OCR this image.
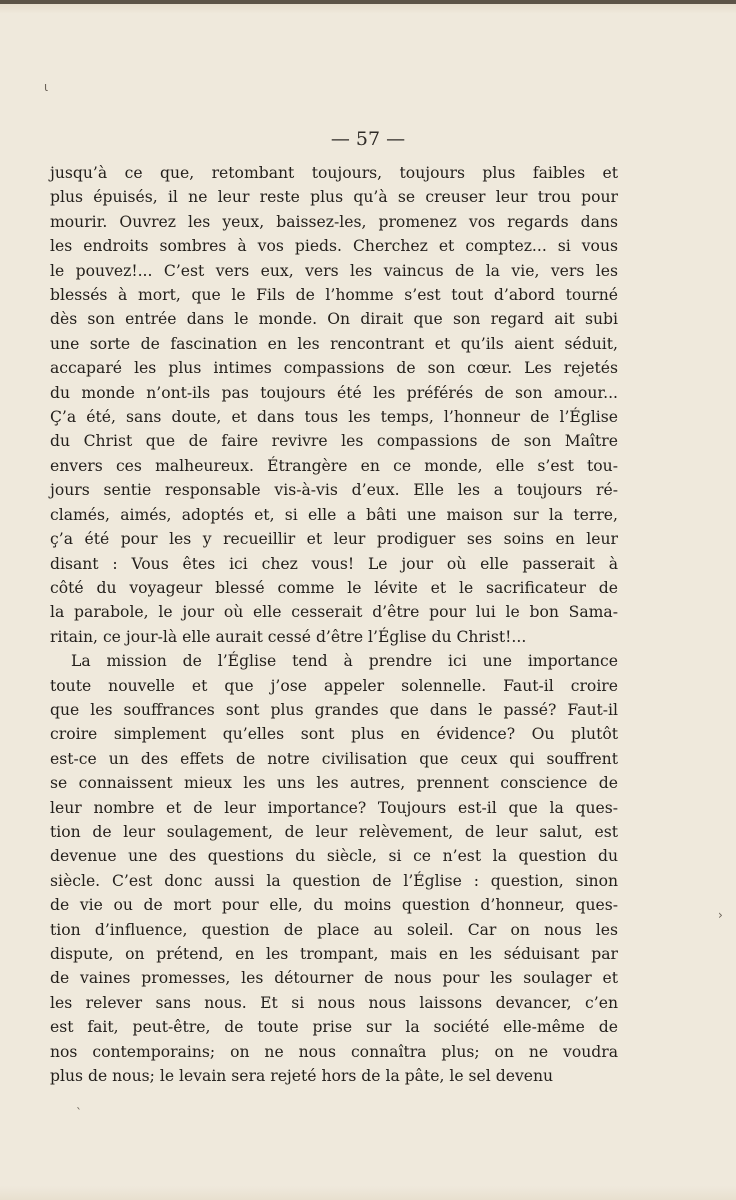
ι
›
ˋ
— 57 —
jusqu’à ce que, retombant toujours, toujours plus faibles et
plus épuisés, il ne leur reste plus qu’à se creuser leur trou pour
mourir. Ouvrez les yeux, baissez-les, promenez vos regards dans
les endroits sombres à vos pieds. Cherchez et comptez... si vous
le pouvez!... C’est vers eux, vers les vaincus de la vie, vers les
blessés à mort, que le Fils de l’homme s’est tout d’abord tourné
dès son entrée dans le monde. On dirait que son regard ait subi
une sorte de fascination en les rencontrant et qu’ils aient séduit,
accaparé les plus intimes compassions de son cœur. Les rejetés
du monde n’ont-ils pas toujours été les préférés de son amour...
Ç’a été, sans doute, et dans tous les temps, l’honneur de l’Église
du Christ que de faire revivre les compassions de son Maître
envers ces malheureux. Étrangère en ce monde, elle s’est tou-
jours sentie responsable vis-à-vis d’eux. Elle les a toujours ré-
clamés, aimés, adoptés et, si elle a bâti une maison sur la terre,
ç’a été pour les y recueillir et leur prodiguer ses soins en leur
disant : Vous êtes ici chez vous! Le jour où elle passerait à
côté du voyageur blessé comme le lévite et le sacrificateur de
la parabole, le jour où elle cesserait d’être pour lui le bon Sama-
ritain, ce jour-là elle aurait cessé d’être l’Église du Christ!...
La mission de l’Église tend à prendre ici une importance
toute nouvelle et que j’ose appeler solennelle. Faut-il croire
que les souffrances sont plus grandes que dans le passé? Faut-il
croire simplement qu’elles sont plus en évidence? Ou plutôt
est-ce un des effets de notre civilisation que ceux qui souffrent
se connaissent mieux les uns les autres, prennent conscience de
leur nombre et de leur importance? Toujours est-il que la ques-
tion de leur soulagement, de leur relèvement, de leur salut, est
devenue une des questions du siècle, si ce n’est la question du
siècle. C’est donc aussi la question de l’Église : question, sinon
de vie ou de mort pour elle, du moins question d’honneur, ques-
tion d’influence, question de place au soleil. Car on nous les
dispute, on prétend, en les trompant, mais en les séduisant par
de vaines promesses, les détourner de nous pour les soulager et
les relever sans nous. Et si nous nous laissons devancer, c’en
est fait, peut-être, de toute prise sur la société elle-même de
nos contemporains; on ne nous connaîtra plus; on ne voudra
plus de nous; le levain sera rejeté hors de la pâte, le sel devenu
